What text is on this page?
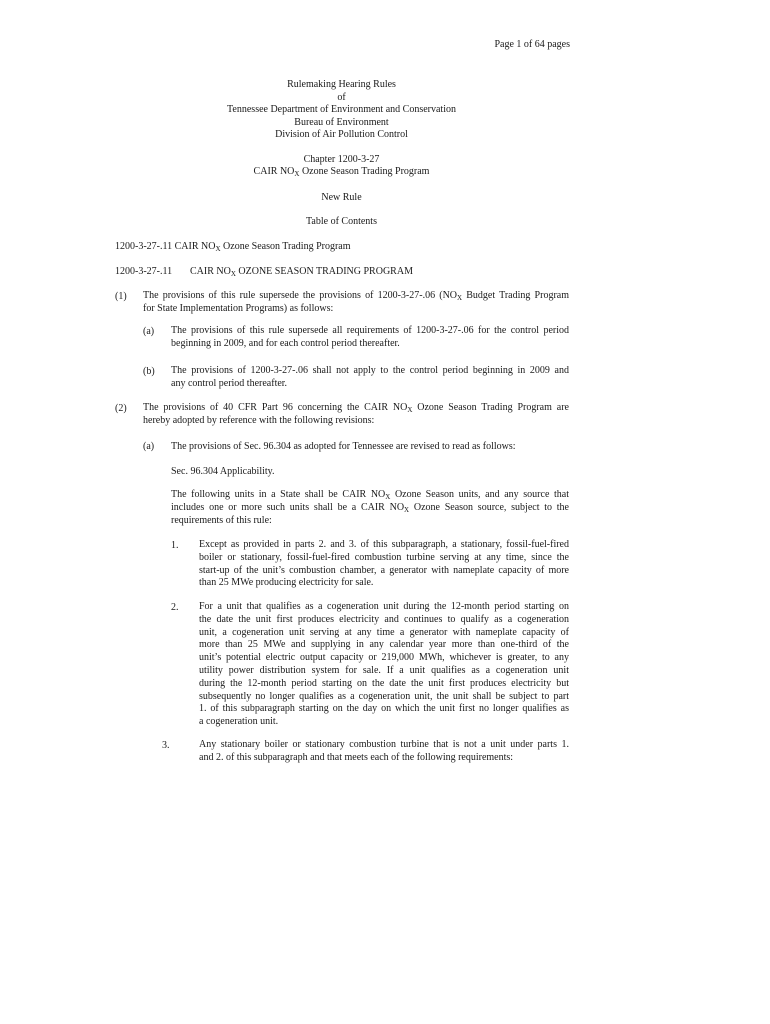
Page 1 of 64 pages
Rulemaking Hearing Rules
of
Tennessee Department of Environment and Conservation
Bureau of Environment
Division of Air Pollution Control
Chapter 1200-3-27
CAIR $NO_X$ Ozone Season Trading Program
New Rule
Table of Contents
1200-3-27-.11 CAIR $NO_X$ Ozone Season Trading Program
1200-3-27-.11 CAIR $NO_X$ OZONE SEASON TRADING PROGRAM
(1) The provisions of this rule supersede the provisions of 1200-3-27-.06 ($NO_X$ Budget Trading Program
for State Implementation Programs) as follows:
(a) The provisions of this rule supersede all requirements of 1200-3-27-.06 for the control period
beginning in 2009, and for each control period thereafter.
(b) The provisions of 1200-3-27-.06 shall not apply to the control period beginning in 2009 and
any control period thereafter.
(2) The provisions of 40 CFR Part 96 concerning the CAIR $NO_X$ Ozone Season Trading Program are
hereby adopted by reference with the following revisions:
(a) The provisions of Sec. 96.304 as adopted for Tennessee are revised to read as follows:
Sec. 96.304 Applicability.
The following units in a State shall be CAIR $NO_X$ Ozone Season units, and any source that
includes one or more such units shall be a CAIR $NO_X$ Ozone Season source, subject to the
requirements of this rule:
1. Except as provided in parts 2. and 3. of this subparagraph, a stationary, fossil-fuel-fired
boiler or stationary, fossil-fuel-fired combustion turbine serving at any time, since the
start-up of the unit’s combustion chamber, a generator with nameplate capacity of more
than 25 MWe producing electricity for sale.
2. For a unit that qualifies as a cogeneration unit during the 12-month period starting on
the date the unit first produces electricity and continues to qualify as a cogeneration
unit, a cogeneration unit serving at any time a generator with nameplate capacity of
more than 25 MWe and supplying in any calendar year more than one-third of the
unit’s potential electric output capacity or 219,000 MWh, whichever is greater, to any
utility power distribution system for sale. If a unit qualifies as a cogeneration unit
during the 12-month period starting on the date the unit first produces electricity but
subsequently no longer qualifies as a cogeneration unit, the unit shall be subject to part
1. of this subparagraph starting on the day on which the unit first no longer qualifies as
a cogeneration unit.
3.	Any stationary boiler or stationary combustion turbine that is not a unit under parts 1.
and 2. of this subparagraph and that meets each of the following requirements:
